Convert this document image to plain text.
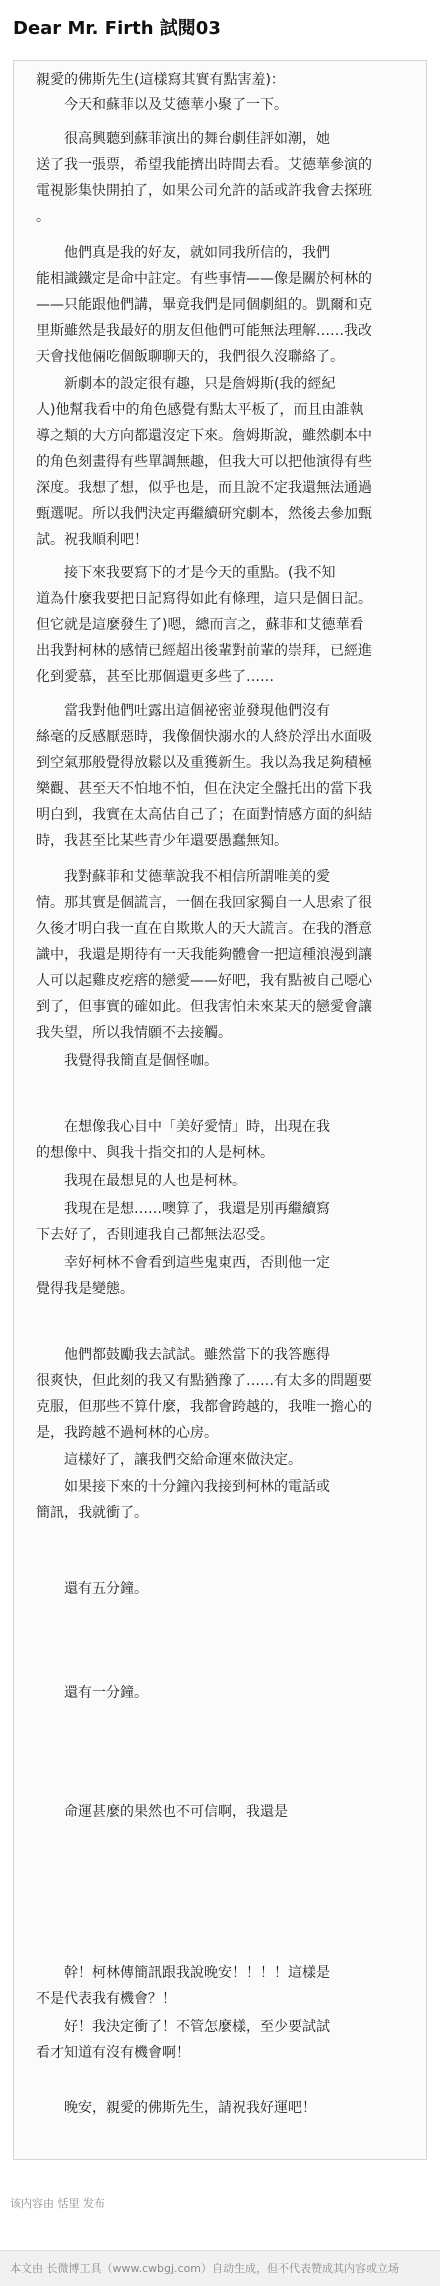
Dear Mr. Firth 試閱03
親愛的佛斯先生(這樣寫其實有點害羞)：
　　今天和蘇菲以及艾德華小聚了一下。
　　很高興聽到蘇菲演出的舞台劇佳評如潮，她
送了我一張票，希望我能擠出時間去看。艾德華參演的
電視影集快開拍了，如果公司允許的話或許我會去探班
。
　　他們真是我的好友，就如同我所信的，我們
能相識鐵定是命中註定。有些事情——像是關於柯林的
——只能跟他們講，畢竟我們是同個劇組的。凱爾和克
里斯雖然是我最好的朋友但他們可能無法理解……我改
天會找他倆吃個飯聊聊天的，我們很久沒聯絡了。
　　新劇本的設定很有趣，只是詹姆斯(我的經紀
人)他幫我看中的角色感覺有點太平板了，而且由誰執
導之類的大方向都還沒定下來。詹姆斯說，雖然劇本中
的角色刻畫得有些單調無趣，但我大可以把他演得有些
深度。我想了想，似乎也是，而且說不定我還無法通過
甄選呢。所以我們決定再繼續研究劇本，然後去參加甄
試。祝我順利吧！
　　接下來我要寫下的才是今天的重點。(我不知
道為什麼我要把日記寫得如此有條理，這只是個日記。
但它就是這麼發生了)嗯，總而言之，蘇菲和艾德華看
出我對柯林的感情已經超出後輩對前輩的崇拜，已經進
化到愛慕，甚至比那個還更多些了……
　　當我對他們吐露出這個祕密並發現他們沒有
絲毫的反感厭惡時，我像個快溺水的人終於浮出水面吸
到空氣那般覺得放鬆以及重獲新生。我以為我足夠積極
樂觀、甚至天不怕地不怕，但在決定全盤托出的當下我
明白到，我實在太高估自己了；在面對情感方面的糾結
時，我甚至比某些青少年還要愚蠢無知。
　　我對蘇菲和艾德華說我不相信所謂唯美的愛
情。那其實是個謊言，一個在我回家獨自一人思索了很
久後才明白我一直在自欺欺人的天大謊言。在我的潛意
識中，我還是期待有一天我能夠體會一把這種浪漫到讓
人可以起雞皮疙瘩的戀愛——好吧，我有點被自己噁心
到了，但事實的確如此。但我害怕未來某天的戀愛會讓
我失望，所以我情願不去接觸。
　　我覺得我簡直是個怪咖。
　　在想像我心目中「美好愛情」時，出現在我
的想像中、與我十指交扣的人是柯林。
　　我現在最想見的人也是柯林。
　　我現在是想……噢算了，我還是別再繼續寫
下去好了，否則連我自己都無法忍受。
　　幸好柯林不會看到這些鬼東西，否則他一定
覺得我是變態。
　　他們都鼓勵我去試試。雖然當下的我答應得
很爽快，但此刻的我又有點猶豫了……有太多的問題要
克服，但那些不算什麼，我都會跨越的，我唯一擔心的
是，我跨越不過柯林的心房。
　　這樣好了，讓我們交給命運來做決定。
　　如果接下來的十分鐘內我接到柯林的電話或
簡訊，我就衝了。
　　還有五分鐘。
　　還有一分鐘。
　　命運甚麼的果然也不可信啊，我還是
　　幹！柯林傳簡訊跟我說晚安！！！！這樣是
不是代表我有機會？！
　　好！我決定衝了！不管怎麼樣，至少要試試
看才知道有沒有機會啊！
　　晚安，親愛的佛斯先生，請祝我好運吧！
该内容由 恬里 发布
本文由 长微博工具（www.cwbgj.com）自动生成，但不代表赞成其内容或立场
